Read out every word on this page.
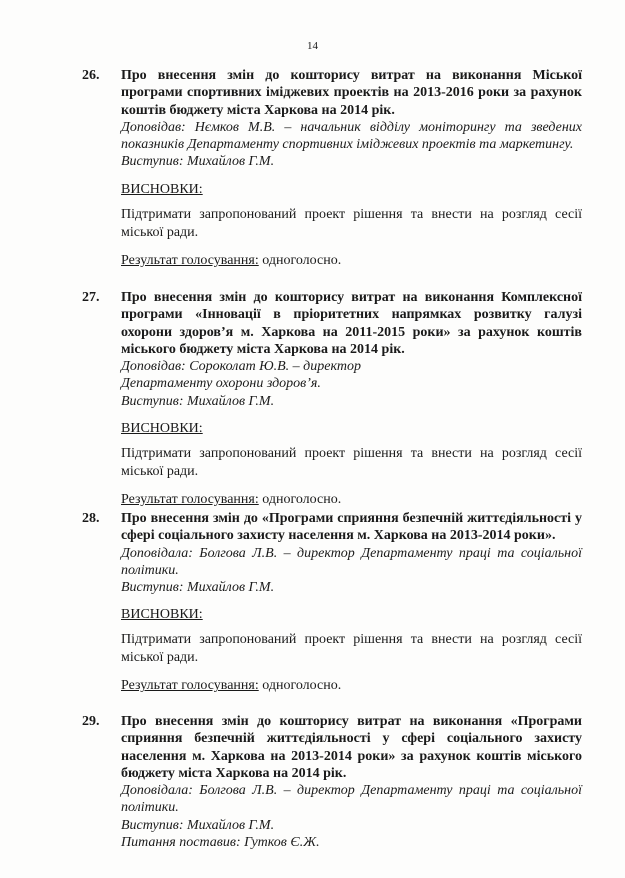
14
26. Про внесення змін до кошторису витрат на виконання Міської програми спортивних іміджевих проектів на 2013-2016 роки за рахунок коштів бюджету міста Харкова на 2014 рік.

Доповідав: Нємков М.В. – начальник відділу моніторингу та зведених показників Департаменту спортивних іміджевих проектів та маркетингу.

Виступив: Михайлов Г.М.

ВИСНОВКИ:

Підтримати запропонований проект рішення та внести на розгляд сесії міської ради.

Результат голосування: одноголосно.

27. Про внесення змін до кошторису витрат на виконання Комплексної програми «Інновації в пріоритетних напрямках розвитку галузі охорони здоров’я м. Харкова на 2011-2015 роки» за рахунок коштів міського бюджету міста Харкова на 2014 рік.

Доповідав: Сороколат Ю.В. – директор Департаменту охорони здоров’я.

Виступив: Михайлов Г.М.

ВИСНОВКИ:

Підтримати запропонований проект рішення та внести на розгляд сесії міської ради.

Результат голосування: одноголосно.

28. Про внесення змін до «Програми сприяння безпечній життєдіяльності у сфері соціального захисту населення м. Харкова на 2013-2014 роки».

Доповідала: Болгова Л.В. – директор Департаменту праці та соціальної політики.

Виступив: Михайлов Г.М.

ВИСНОВКИ:

Підтримати запропонований проект рішення та внести на розгляд сесії міської ради.

Результат голосування: одноголосно.

29. Про внесення змін до кошторису витрат на виконання «Програми сприяння безпечній життєдіяльності у сфері соціального захисту населення м. Харкова на 2013-2014 роки» за рахунок коштів міського бюджету міста Харкова на 2014 рік.

Доповідала: Болгова Л.В. – директор Департаменту праці та соціальної політики.

Виступив: Михайлов Г.М.

Питання поставив: Гутков Є.Ж.
